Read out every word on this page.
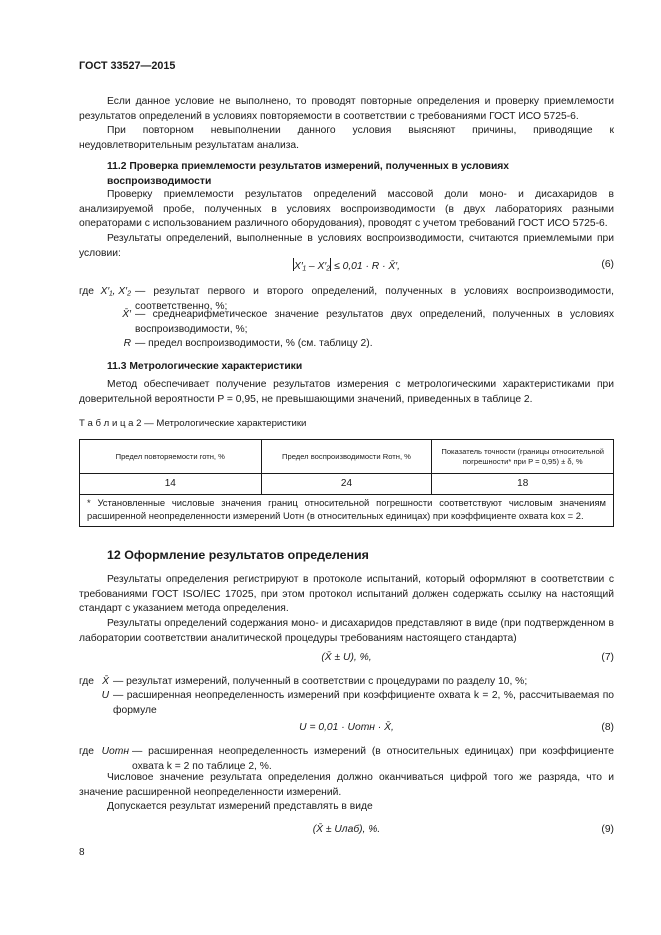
ГОСТ 33527—2015
Если данное условие не выполнено, то проводят повторные определения и проверку приемлемости результатов определений в условиях повторяемости в соответствии с требованиями ГОСТ ИСО 5725-6.
При повторном невыполнении данного условия выясняют причины, приводящие к неудовлетворительным результатам анализа.
11.2 Проверка приемлемости результатов измерений, полученных в условиях воспроизводимости
Проверку приемлемости результатов определений массовой доли моно- и дисахаридов в анализируемой пробе, полученных в условиях воспроизводимости (в двух лабораториях разными операторами с использованием различного оборудования), проводят с учетом требований ГОСТ ИСО 5725-6.
Результаты определений, выполненные в условиях воспроизводимости, считаются приемлемыми при условии:
X′₁ – X′₂ ≤ 0,01 · R · X̄′,	(6)
где X′₁, X′₂ — результат первого и второго определений, полученных в условиях воспроизводимости, соответственно, %;
X̄′ — среднеарифметическое значение результатов двух определений, полученных в условиях воспроизводимости, %;
R — предел воспроизводимости, % (см. таблицу 2).
11.3 Метрологические характеристики
Метод обеспечивает получение результатов измерения с метрологическими характеристиками при доверительной вероятности P = 0,95, не превышающими значений, приведенных в таблице 2.
Т а б л и ц а 2 — Метрологические характеристики
Предел повторяемости rотн, %	Предел воспроизводимости Rотн, %	Показатель точности (границы относительной погрешности* при P = 0,95) ± δ, %
14	24	18
* Установленные числовые значения границ относительной погрешности соответствуют числовым значениям расширенной неопределенности измерений Uотн (в относительных единицах) при коэффициенте охвата kох = 2.		
12 Оформление результатов определения
Результаты определения регистрируют в протоколе испытаний, который оформляют в соответствии с требованиями ГОСТ ISO/IEC 17025, при этом протокол испытаний должен содержать ссылку на настоящий стандарт с указанием метода определения.
Результаты определений содержания моно- и дисахаридов представляют в виде (при подтвержденном в лаборатории соответствии аналитической процедуры требованиям настоящего стандарта)
(X̄ ± U), %,	(7)
где X̄ — результат измерений, полученный в соответствии с процедурами по разделу 10, %;
U — расширенная неопределенность измерений при коэффициенте охвата k = 2, %, рассчитываемая по формуле
U = 0,01 · Uотн · X̄,	(8)
где Uотн — расширенная неопределенность измерений (в относительных единицах) при коэффициенте охвата k = 2 по таблице 2, %.
Числовое значение результата определения должно оканчиваться цифрой того же разряда, что и значение расширенной неопределенности измерений.
Допускается результат измерений представлять в виде
(X̄ ± Uлаб), %.	(9)
8
